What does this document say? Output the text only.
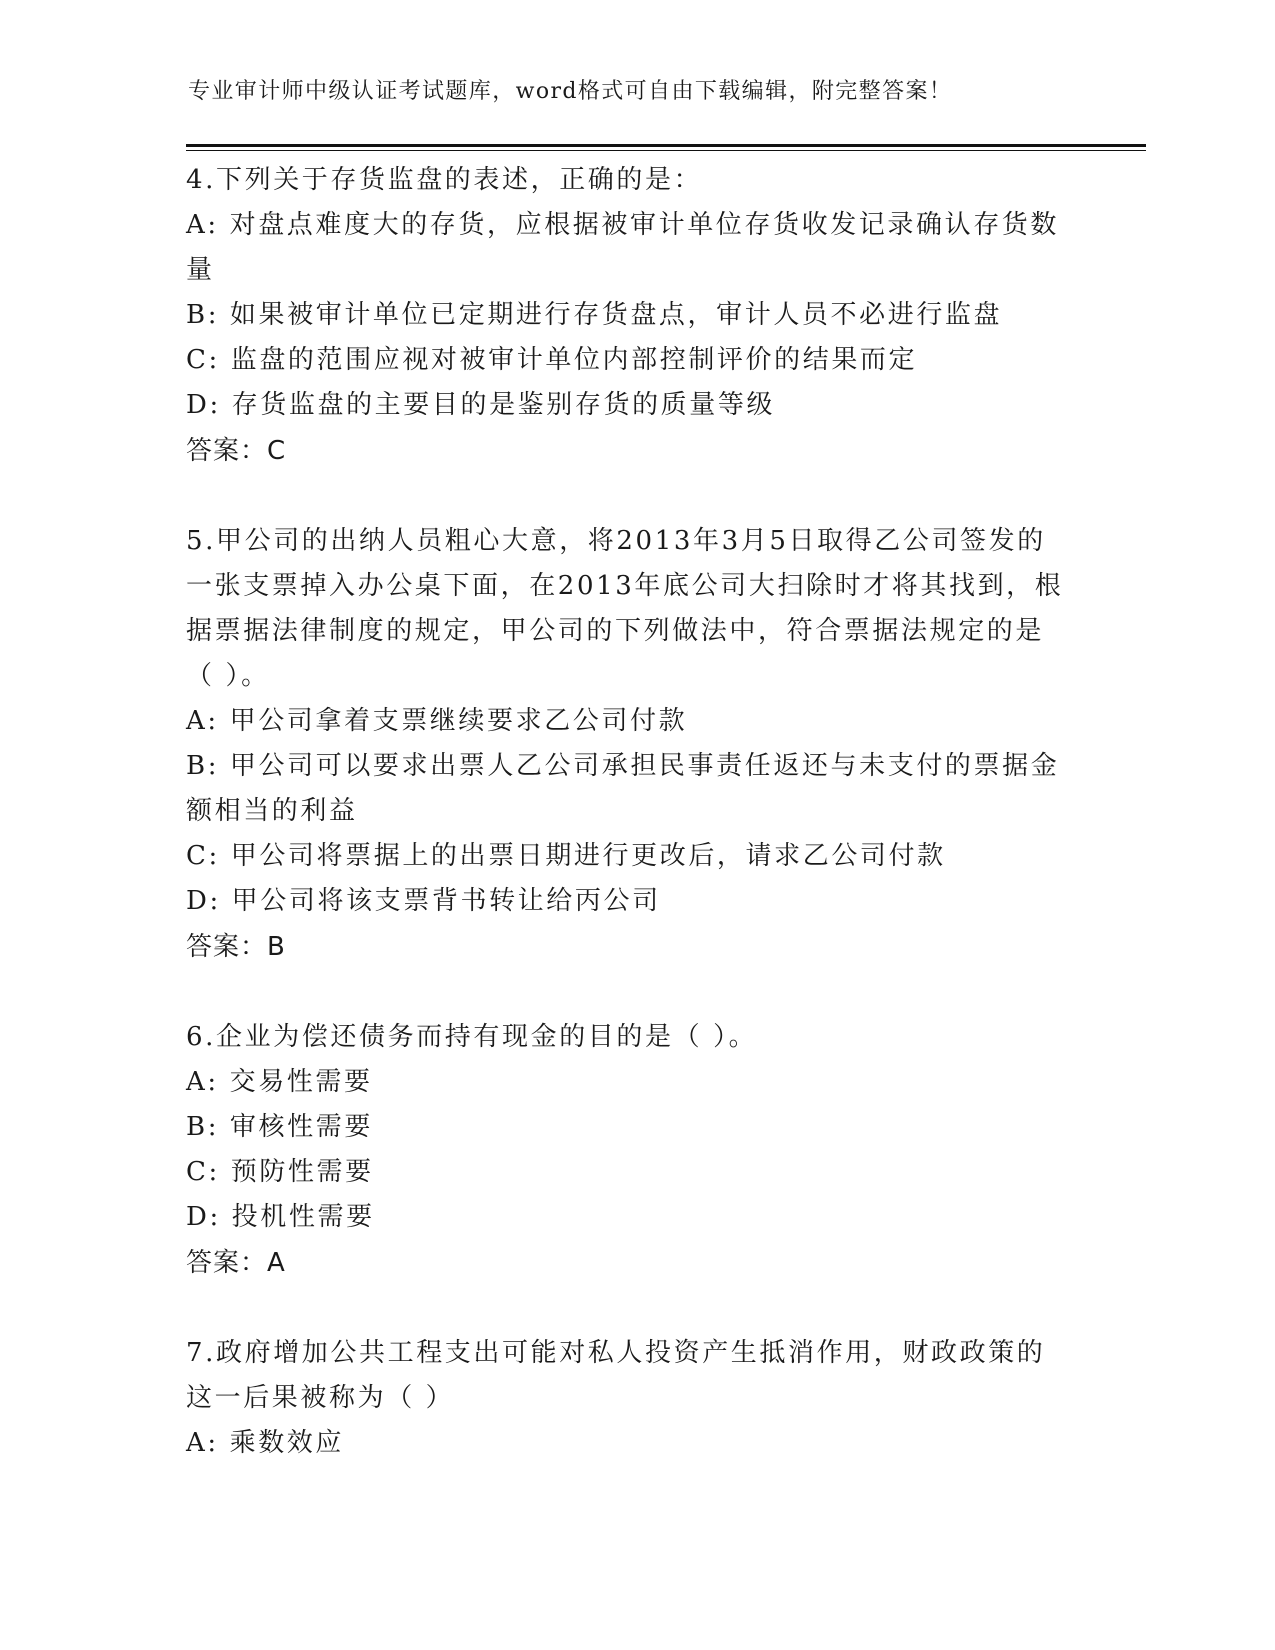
专业审计师中级认证考试题库，word格式可自由下载编辑，附完整答案！
4.下列关于存货监盘的表述，正确的是：
A: 对盘点难度大的存货，应根据被审计单位存货收发记录确认存货数
量
B: 如果被审计单位已定期进行存货盘点，审计人员不必进行监盘
C: 监盘的范围应视对被审计单位内部控制评价的结果而定
D: 存货监盘的主要目的是鉴别存货的质量等级
答案：C
5.甲公司的出纳人员粗心大意，将2013年3月5日取得乙公司签发的
一张支票掉入办公桌下面，在2013年底公司大扫除时才将其找到，根
据票据法律制度的规定，甲公司的下列做法中，符合票据法规定的是
（ ）。
A: 甲公司拿着支票继续要求乙公司付款
B: 甲公司可以要求出票人乙公司承担民事责任返还与未支付的票据金
额相当的利益
C: 甲公司将票据上的出票日期进行更改后，请求乙公司付款
D: 甲公司将该支票背书转让给丙公司
答案：B
6.企业为偿还债务而持有现金的目的是（ ）。
A: 交易性需要
B: 审核性需要
C: 预防性需要
D: 投机性需要
答案：A
7.政府增加公共工程支出可能对私人投资产生抵消作用，财政政策的
这一后果被称为（ ）
A: 乘数效应
